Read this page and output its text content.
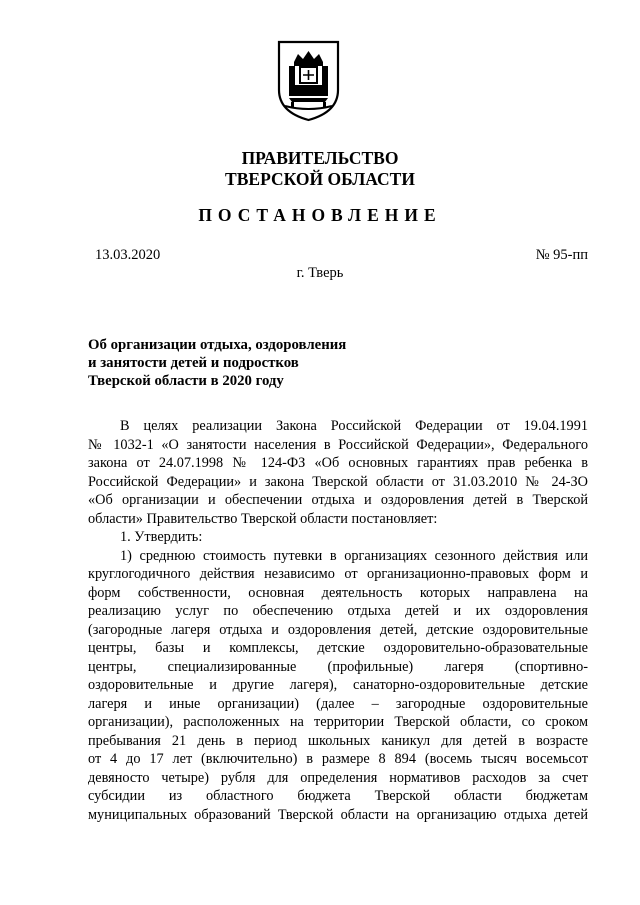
ПРАВИТЕЛЬСТВО
ТВЕРСКОЙ ОБЛАСТИ
ПОСТАНОВЛЕНИЕ
13.03.2020	№ 95-пп
г. Тверь
Об организации отдыха, оздоровления
и занятости детей и подростков
Тверской области в 2020 году

В целях реализации Закона Российской Федерации от 19.04.1991

№ 1032-1 «О занятости населения в Российской Федерации», Федерального

закона от 24.07.1998 № 124-ФЗ «Об основных гарантиях прав ребенка в

Российской Федерации» и закона Тверской области от 31.03.2010 № 24-ЗО

«Об организации и обеспечении отдыха и оздоровления детей в Тверской

области» Правительство Тверской области постановляет:

1. Утвердить:

1) среднюю стоимость путевки в организациях сезонного действия или

круглогодичного действия независимо от организационно-правовых форм и

форм собственности, основная деятельность которых направлена на

реализацию услуг по обеспечению отдыха детей и их оздоровления

(загородные лагеря отдыха и оздоровления детей, детские оздоровительные

центры, базы и комплексы, детские оздоровительно-образовательные

центры, специализированные (профильные) лагеря (спортивно-

оздоровительные и другие лагеря), санаторно-оздоровительные детские

лагеря и иные организации) (далее – загородные оздоровительные

организации), расположенных на территории Тверской области, со сроком

пребывания 21 день в период школьных каникул для детей в возрасте

от 4 до 17 лет (включительно) в размере 8 894 (восемь тысяч восемьсот

девяносто четыре) рубля для определения нормативов расходов за счет

субсидии из областного бюджета Тверской области бюджетам

муниципальных образований Тверской области на организацию отдыха детей
